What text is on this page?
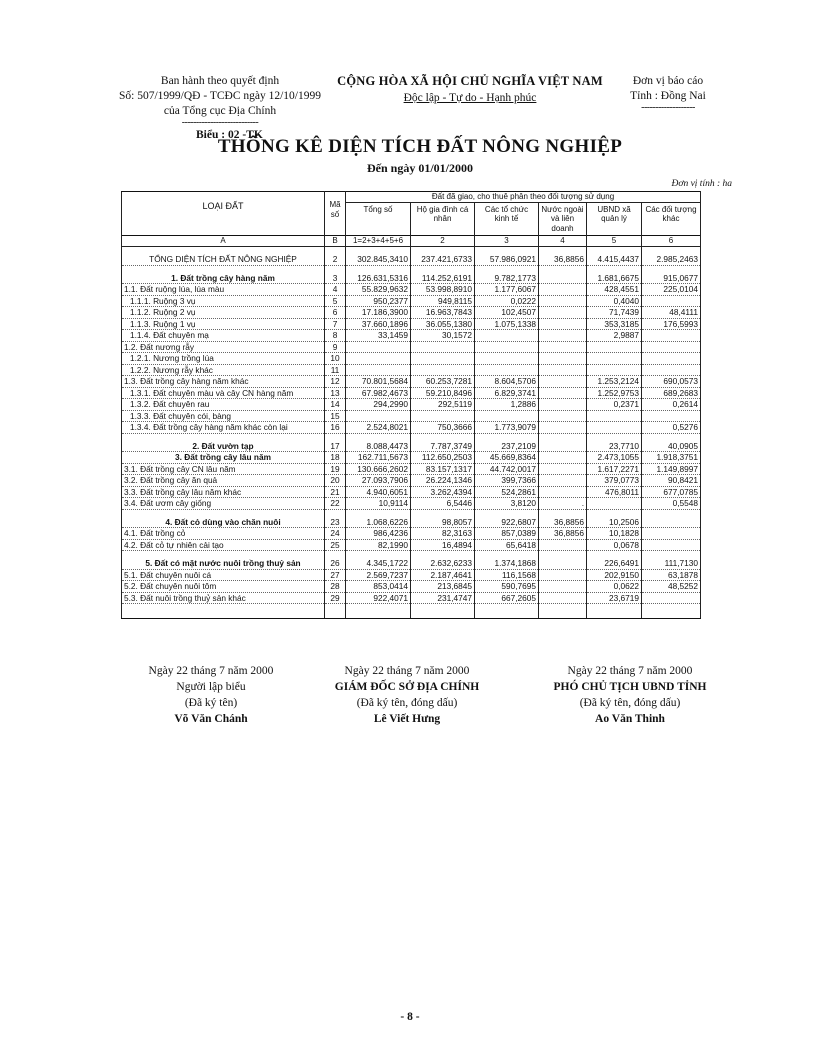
Ban hành theo quyết định
Số: 507/1999/QĐ - TCĐC ngày 12/10/1999
của Tổng cục Địa Chính
---------------------------
CỘNG HÒA XÃ HỘI CHỦ NGHĨA VIỆT NAM
Độc lập - Tự do - Hạnh phúc
Đơn vị báo cáo
Tỉnh : Đồng Nai
-------------------
Biểu : 02 -TK
THỐNG KÊ DIỆN TÍCH ĐẤT NÔNG NGHIỆP
Đến ngày 01/01/2000
Đơn vị tính : ha
LOẠI ĐẤT	Mã số	Đất đã giao, cho thuê phân theo đối tượng sử dụng					
		Tổng số	Hộ gia đình cá nhân	Các tổ chức kinh tế	Nước ngoài và liên doanh	UBND xã quản lý	Các đối tượng khác
A	B	1=2+3+4+5+6	2	3	4	5	6

TỔNG DIỆN TÍCH ĐẤT NÔNG NGHIỆP	2	302.845,3410	237.421,6733	57.986,0921	36,8856	4.415,4437	2.985,2463

1. Đất trồng cây hàng năm	3	126.631,5316	114.252,6191	9.782,1773		1.681,6675	915,0677
1.1. Đất ruộng lúa, lúa màu	4	55.829,9632	53.998,8910	1.177,6067		428,4551	225,0104
1.1.1. Ruộng 3 vụ	5	950,2377	949,8115	0,0222		0,4040	
1.1.2. Ruộng 2 vụ	6	17.186,3900	16.963,7843	102,4507		71,7439	48,4111
1.1.3. Ruộng 1 vụ	7	37.660,1896	36.055,1380	1.075,1338		353,3185	176,5993
1.1.4. Đất chuyên mạ	8	33,1459	30,1572			2,9887	
1.2. Đất nương rẫy	9						
1.2.1. Nương trồng lúa	10						
1.2.2. Nương rẫy khác	11						
1.3. Đất trồng cây hàng năm khác	12	70.801,5684	60.253,7281	8.604,5706		1.253,2124	690,0573
1.3.1. Đất chuyên màu và cây CN hàng năm	13	67.982,4673	59.210,8496	6.829,3741		1.252,9753	689,2683
1.3.2. Đất chuyên rau	14	294,2990	292,5119	1,2886		0,2371	0,2614
1.3.3. Đất chuyên cói, bàng	15						
1.3.4. Đất trồng cây hàng năm khác còn lại	16	2.524,8021	750,3666	1.773,9079			0,5276

2. Đất vườn tạp	17	8.088,4473	7.787,3749	237,2109		23,7710	40,0905
3. Đất trồng cây lâu năm	18	162.711,5673	112.650,2503	45.669,8364		2.473,1055	1.918,3751
3.1. Đất trồng cây CN lâu năm	19	130.666,2602	83.157,1317	44.742,0017		1.617,2271	1.149,8997
3.2. Đất trồng cây ăn quả	20	27.093,7906	26.224,1346	399,7366		379,0773	90,8421
3.3. Đất trồng cây lâu năm khác	21	4.940,6051	3.262,4394	524,2861		476,8011	677,0785
3.4. Đất ươm cây giống	22	10,9114	6,5446	3,8120	.		0,5548

4. Đất cỏ dùng vào chăn nuôi	23	1.068,6226	98,8057	922,6807	36,8856	10,2506	
4.1. Đất trồng cỏ	24	986,4236	82,3163	857,0389	36,8856	10,1828	
4.2. Đất cỏ tự nhiên cải tạo	25	82,1990	16,4894	65,6418		0,0678	

5. Đất có mặt nước nuôi trồng thuỷ sản	26	4.345,1722	2.632,6233	1.374,1868		226,6491	111,7130
5.1. Đất chuyên nuôi cá	27	2.569,7237	2.187,4641	116,1568		202,9150	63,1878
5.2. Đất chuyên nuôi tôm	28	853,0414	213,6845	590,7695		0,0622	48,5252
5.3. Đất nuôi trồng thuỷ sản khác	29	922,4071	231,4747	667,2605		23,6719	

Ngày 22 tháng 7 năm 2000
Người lập biểu
(Đã ký tên)
Võ Văn Chánh
Ngày 22 tháng 7 năm 2000
GIÁM ĐỐC SỞ ĐỊA CHÍNH
(Đã ký tên, đóng dấu)
Lê Viết Hưng
Ngày 22 tháng 7 năm 2000
PHÓ CHỦ TỊCH UBND TỈNH
(Đã ký tên, đóng dấu)
Ao Văn Thinh
- 8 -
